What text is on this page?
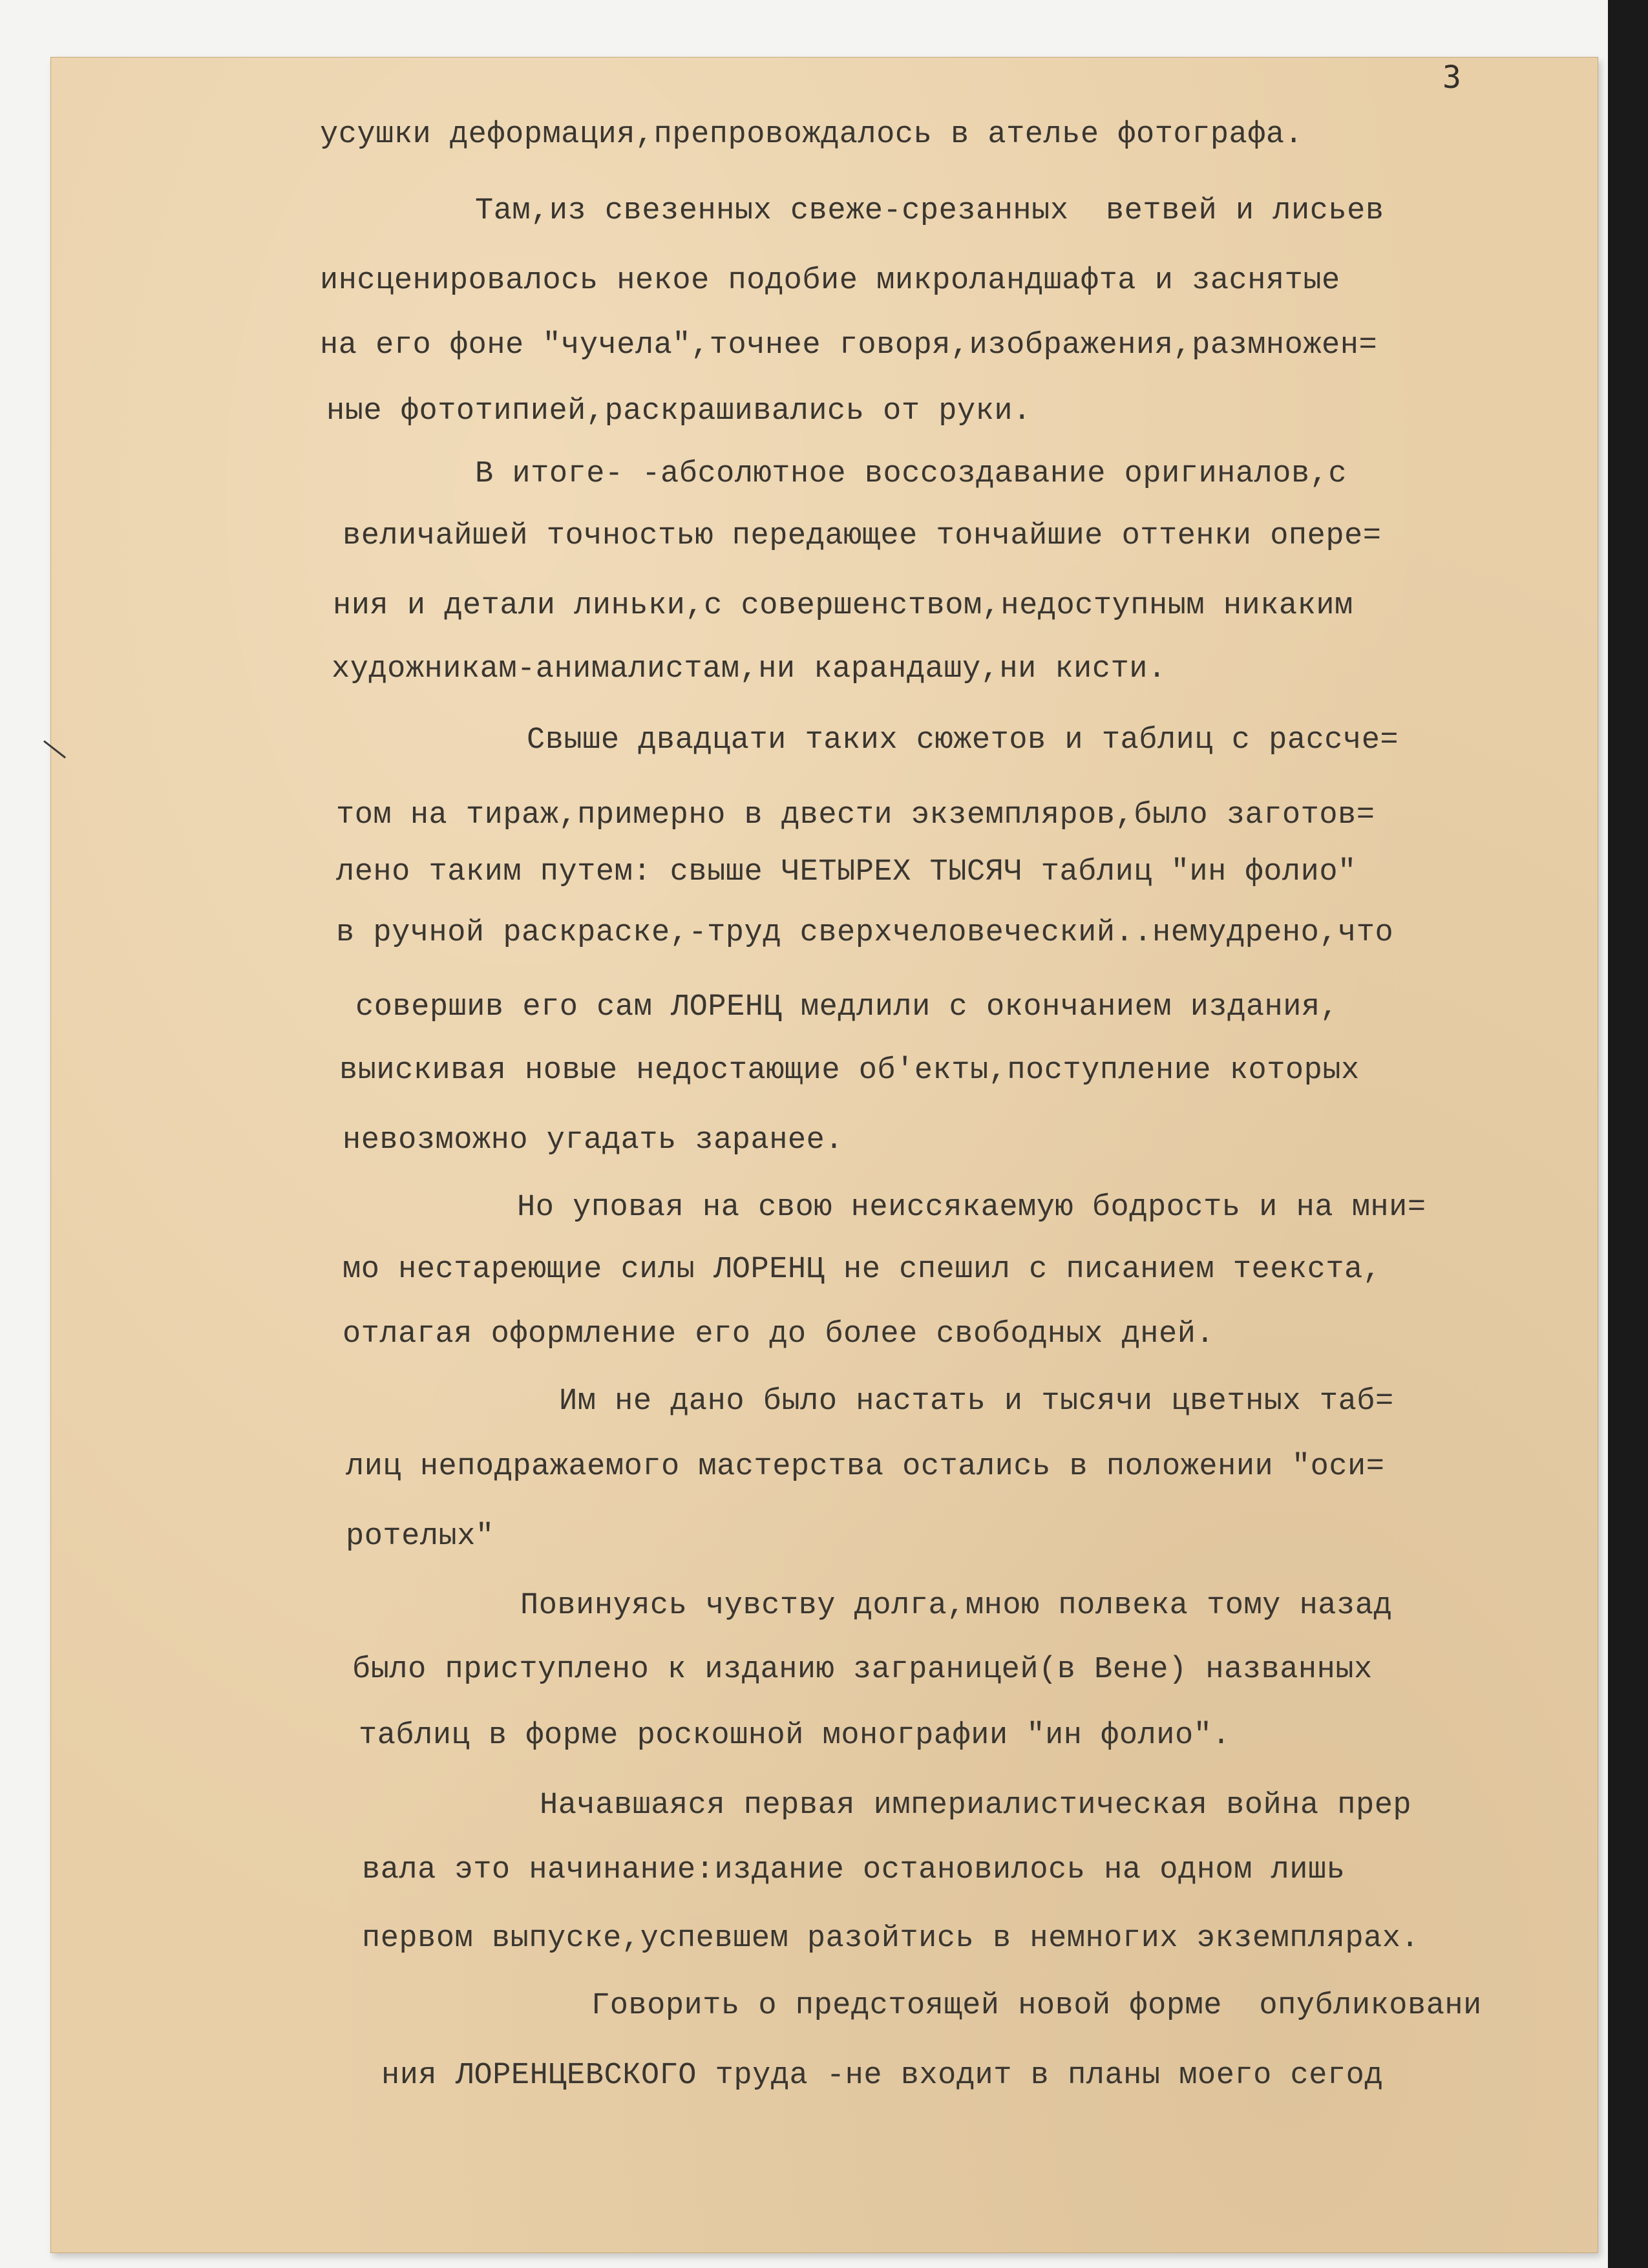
3
усушки деформация,препровождалось в ателье фотографа.
Там,из свезенных свеже-срезанных  ветвей и лисьев
инсценировалось некое подобие микроландшафта и заснятые
на его фоне "чучела",точнее говоря,изображения,размножен=
ные фототипией,раскрашивались от руки.
В итоге- -абсолютное воссоздавание оригиналов,с
величайшей точностью передающее тончайшие оттенки опере=
ния и детали линьки,с совершенством,недоступным никаким
художникам-анималистам,ни карандашу,ни кисти.
Свыше двадцати таких сюжетов и таблиц с рассче=
том на тираж,примерно в двести экземпляров,было заготов=
лено таким путем: свыше ЧЕТЫРЕХ ТЫСЯЧ таблиц "ин фолио"
в ручной раскраске,-труд сверхчеловеческий..немудрено,что
совершив его сам ЛОРЕНЦ медлили с окончанием издания,
выискивая новые недостающие об'екты,поступление которых
невозможно угадать заранее.
Но уповая на свою неиссякаемую бодрость и на мни=
мо нестареющие силы ЛОРЕНЦ не спешил с писанием теекста,
отлагая оформление его до более свободных дней.
Им не дано было настать и тысячи цветных таб=
лиц неподражаемого мастерства остались в положении "оси=
ротелых"
Повинуясь чувству долга,мною полвека тому назад
было приступлено к изданию заграницей(в Вене) названных
таблиц в форме роскошной монографии "ин фолио".
Начавшаяся первая империалистическая война прер
вала это начинание:издание остановилось на одном лишь
первом выпуске,успевшем разойтись в немногих экземплярах.
Говорить о предстоящей новой форме  опубликовани
ния ЛОРЕНЦЕВСКОГО труда -не входит в планы моего сегод
